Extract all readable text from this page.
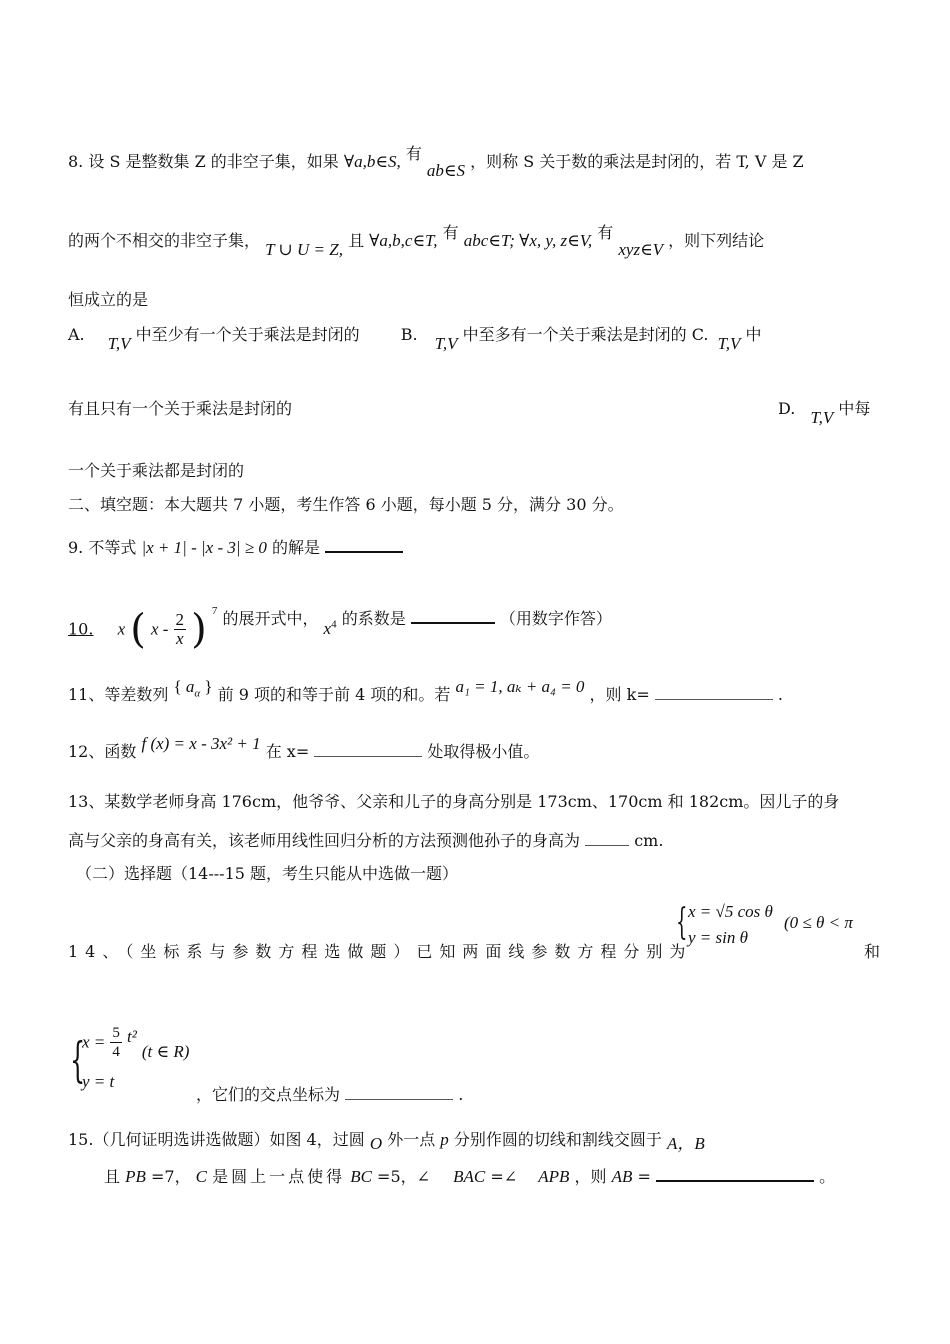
8. 设 S 是整数集 Z 的非空子集，如果 ∀a,b∈S, 有 ab∈S ，则称 S 关于数的乘法是封闭的，若 T, V 是 Z
的两个不相交的非空子集， T ∪ U = Z, 且 ∀a,b,c∈T, 有 abc∈T; ∀x, y, z∈V, 有 xyz∈V ，则下列结论
恒成立的是
A. T,V 中至少有一个关于乘法是封闭的	B. T,V 中至多有一个关于乘法是封闭的 C. T,V 中
有且只有一个关于乘法是封闭的	D. T,V 中每
一个关于乘法都是封闭的
二、填空题：本大题共 7 小题，考生作答 6 小题，每小题 5 分，满分 30 分。
9. 不等式 |x + 1| - |x - 3| ≥ 0 的解是
10. x ( x - $\frac{2}{x}$ ) $^7$ 的展开式中， $x^4$ 的系数是	（用数字作答）
11、等差数列 { $a_\alpha$ } 前 9 项的和等于前 4 项的和。若 a₁ = 1, aₖ + a₄ = 0 ，则 k=	.
12、函数 f (x) = x - 3x² + 1 在 x=	处取得极小值。
13、某数学老师身高 176cm，他爷爷、父亲和儿子的身高分别是 173cm、170cm 和 182cm。因儿子的身
高与父亲的身高有关，该老师用线性回归分析的方法预测他孙子的身高为	cm.
（二）选择题（14---15 题，考生只能从中选做一题）
14、（坐标系与参数方程选做题）已知两面线参数方程分别为
{ x = √5 cos θ
(0 ≤ θ < π
y = sin θ
和
{
$x = \frac{5}{4} t^2$ (t ∈ R)
y = t
，它们的交点坐标为	.
15.（几何证明选讲选做题）如图 4，过圆 O 外一点 p 分别作圆的切线和割线交圆于 A，B
且 PB =7， C 是圆上一点使得 BC =5，∠ BAC =∠ APB ，则 AB =	。
